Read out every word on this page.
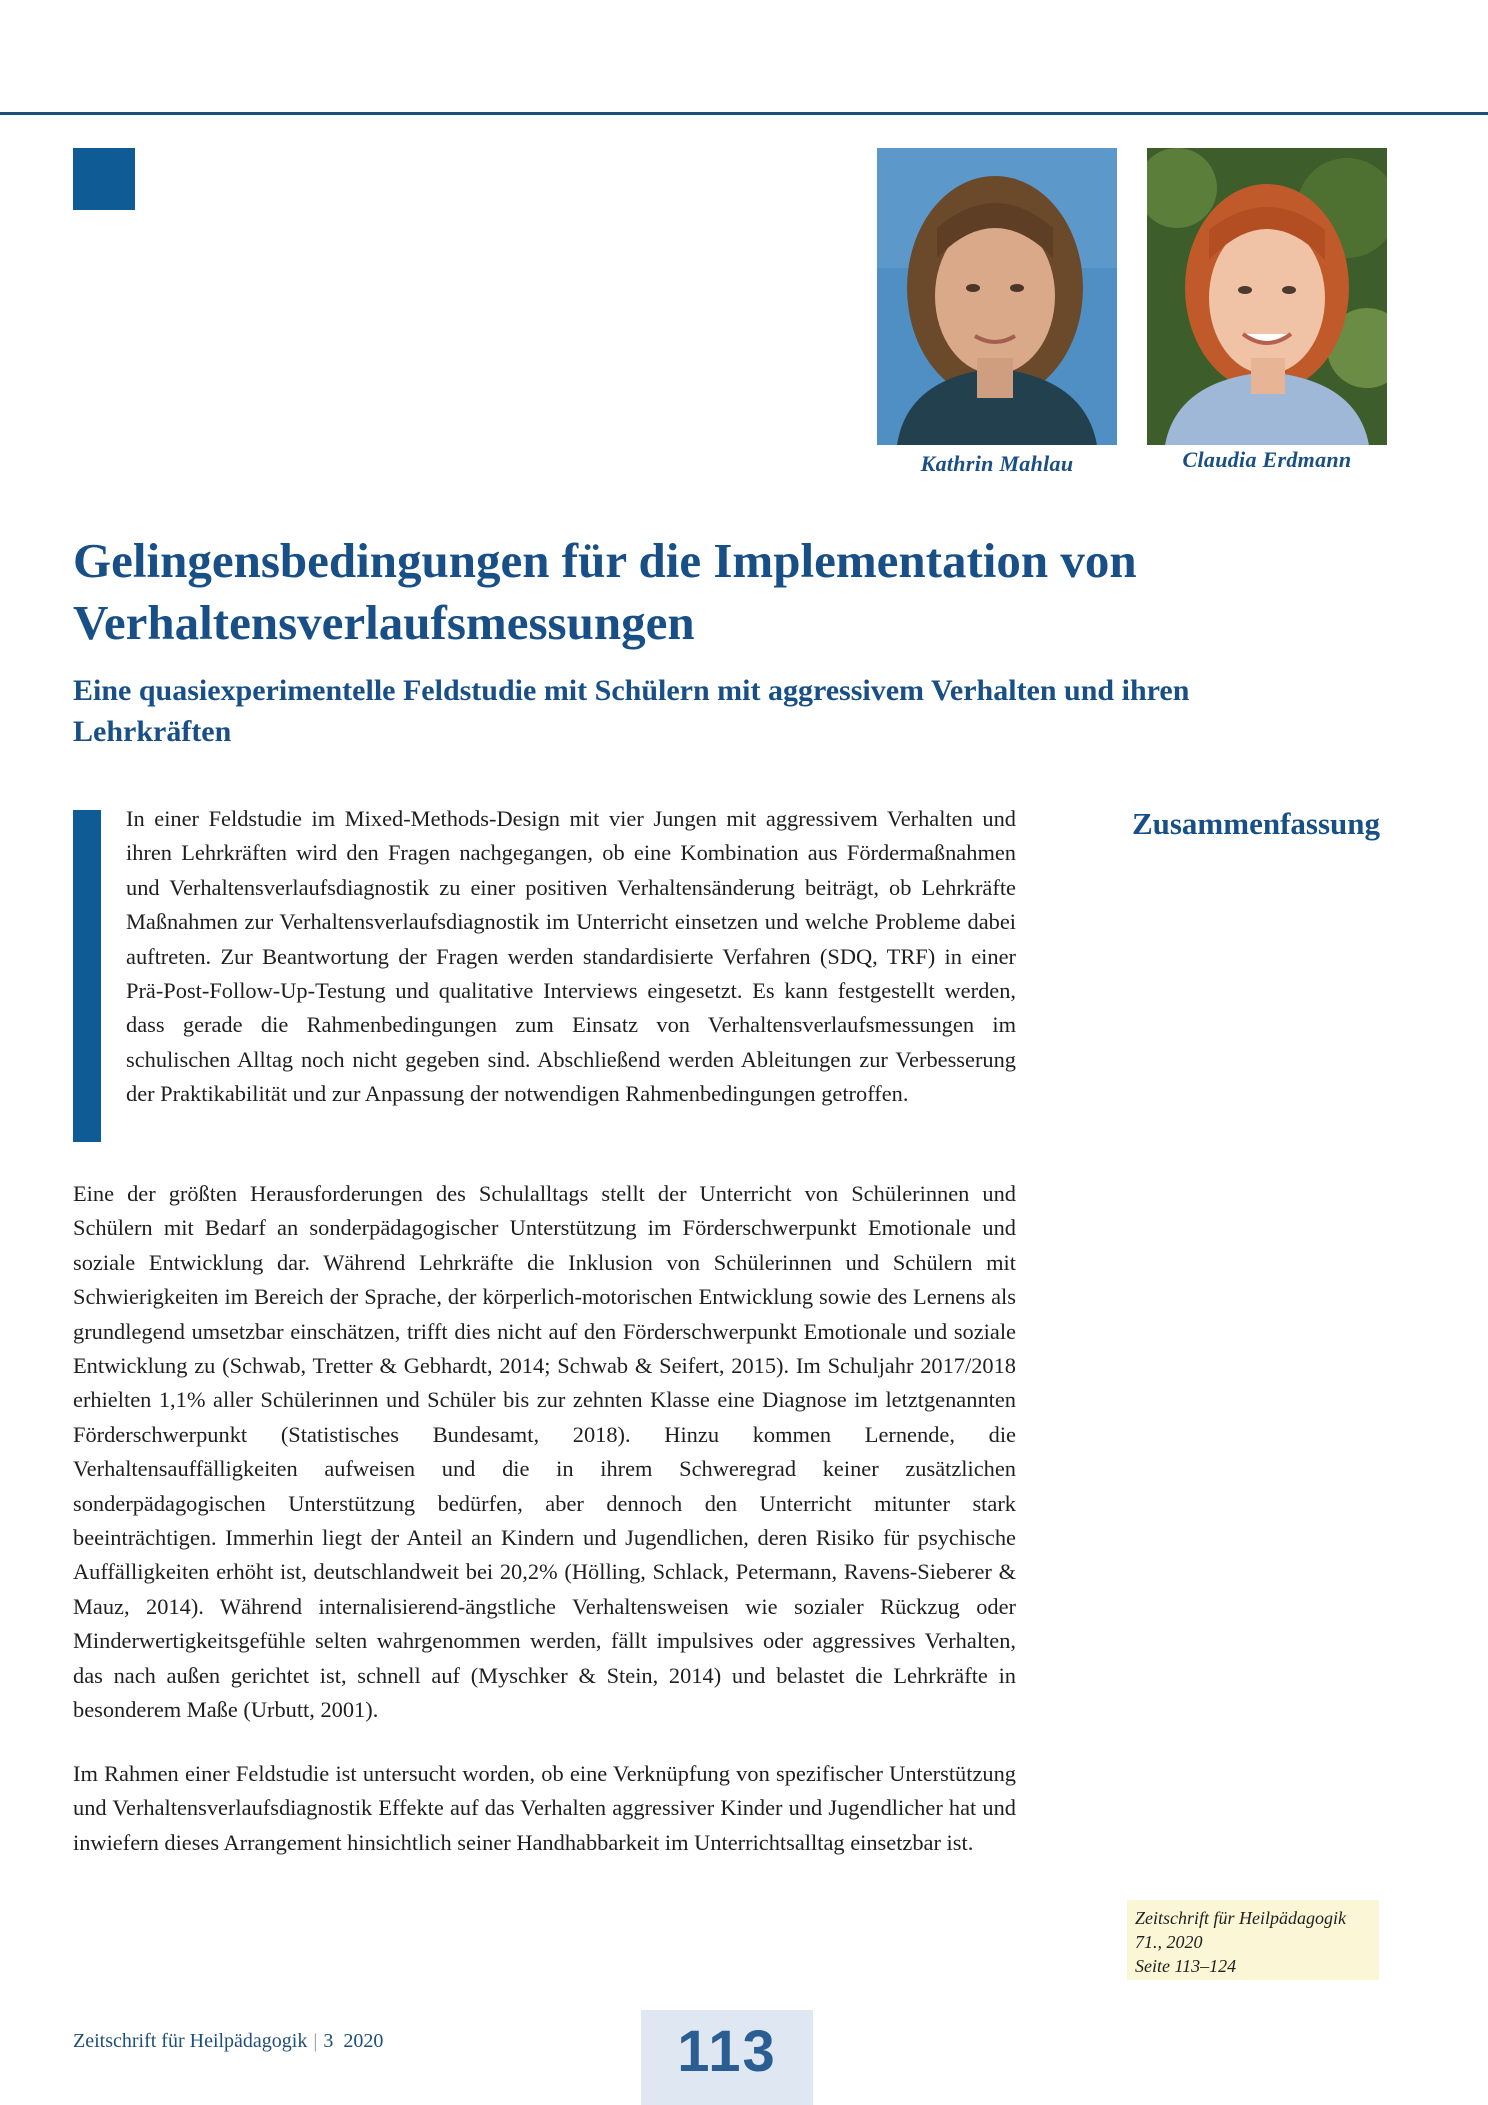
Kathrin Mahlau	Claudia Erdmann
Gelingensbedingungen für die Implementation von Verhaltensverlaufsmessungen
Eine quasiexperimentelle Feldstudie mit Schülern mit aggressivem Verhalten und ihren Lehrkräften

In einer Feldstudie im Mixed-Methods-Design mit vier Jungen mit aggressivem Verhalten und ihren Lehrkräften wird den Fragen nachgegangen, ob eine Kombination aus Fördermaßnahmen und Verhaltensverlaufsdiagnostik zu einer positiven Verhaltensänderung beiträgt, ob Lehrkräfte Maßnahmen zur Verhaltensverlaufsdiagnostik im Unterricht einsetzen und welche Probleme dabei auftreten. Zur Beantwortung der Fragen werden standardisierte Verfahren (SDQ, TRF) in einer Prä-Post-Follow-Up-Testung und qualitative Interviews eingesetzt. Es kann festgestellt werden, dass gerade die Rahmenbedingungen zum Einsatz von Verhaltensverlaufsmessungen im schulischen Alltag noch nicht gegeben sind. Abschließend werden Ableitungen zur Verbesserung der Praktikabilität und zur Anpassung der notwendigen Rahmenbedingungen getroffen.

Zusammenfassung

Eine der größten Herausforderungen des Schulalltags stellt der Unterricht von Schülerinnen und Schülern mit Bedarf an sonderpädagogischer Unterstützung im Förderschwerpunkt Emotionale und soziale Entwicklung dar. Während Lehrkräfte die Inklusion von Schülerinnen und Schülern mit Schwierigkeiten im Bereich der Sprache, der körperlich-motorischen Entwicklung sowie des Lernens als grundlegend umsetzbar einschätzen, trifft dies nicht auf den Förderschwerpunkt Emotionale und soziale Entwicklung zu (Schwab, Tretter & Gebhardt, 2014; Schwab & Seifert, 2015). Im Schuljahr 2017/2018 erhielten 1,1% aller Schülerinnen und Schüler bis zur zehnten Klasse eine Diagnose im letztgenannten Förderschwerpunkt (Statistisches Bundesamt, 2018). Hinzu kommen Lernende, die Verhaltensauffälligkeiten aufweisen und die in ihrem Schweregrad keiner zusätzlichen sonderpädagogischen Unterstützung bedürfen, aber dennoch den Unterricht mitunter stark beeinträchtigen. Immerhin liegt der Anteil an Kindern und Jugendlichen, deren Risiko für psychische Auffälligkeiten erhöht ist, deutschlandweit bei 20,2% (Hölling, Schlack, Petermann, Ravens-Sieberer & Mauz, 2014). Während internalisierend-ängstliche Verhaltensweisen wie sozialer Rückzug oder Minderwertigkeitsgefühle selten wahrgenommen werden, fällt impulsives oder aggressives Verhalten, das nach außen gerichtet ist, schnell auf (Myschker & Stein, 2014) und belastet die Lehrkräfte in besonderem Maße (Urbutt, 2001).

Im Rahmen einer Feldstudie ist untersucht worden, ob eine Verknüpfung von spezifischer Unterstützung und Verhaltensverlaufsdiagnostik Effekte auf das Verhalten aggressiver Kinder und Jugendlicher hat und inwiefern dieses Arrangement hinsichtlich seiner Handhabbarkeit im Unterrichtsalltag einsetzbar ist.

Zeitschrift für Heilpädagogik
71., 2020
Seite 113–124
Zeitschrift für Heilpädagogik | 3 2020	113
